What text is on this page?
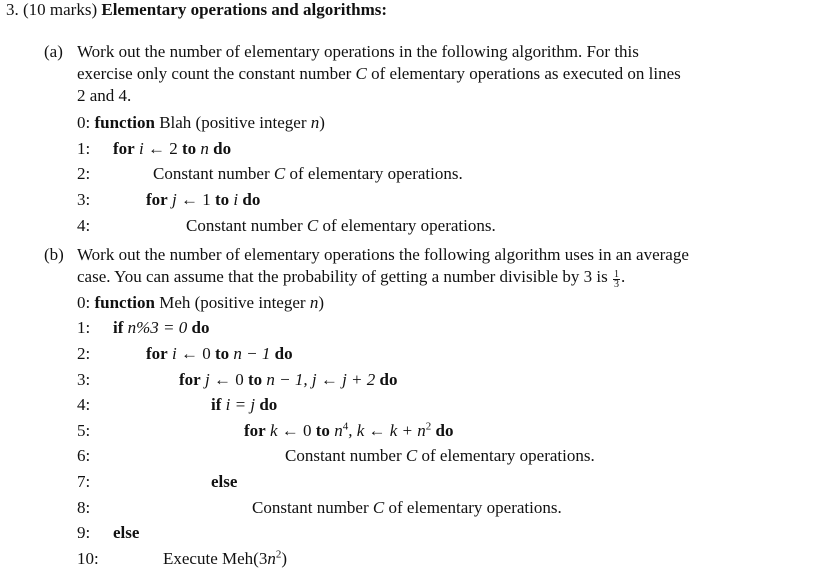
3. (10 marks) Elementary operations and algorithms:
(a) Work out the number of elementary operations in the following algorithm. For this
exercise only count the constant number C of elementary operations as executed on lines
2 and 4.
0: function Blah (positive integer n)
1: for i ← 2 to n do
2:	Constant number C of elementary operations.
3:	for j ← 1 to i do
4:	Constant number C of elementary operations.
(b) Work out the number of elementary operations the following algorithm uses in an average
case. You can assume that the probability of getting a number divisible by 3 is $\frac{1}{3}$ .
0: function Meh (positive integer n)
1: if n%3 = 0 do
2:	for i ← 0 to n − 1 do
3:	for j ← 0 to n − 1, j ← j + 2 do
4:	if i = j do
5:	for k ← 0 to $n^4$, k ← $k + n^2$ do
6:	Constant number C of elementary operations.
7:	else
8:	Constant number C of elementary operations.
9: else
10:	Execute $Meh(3n^2)$
